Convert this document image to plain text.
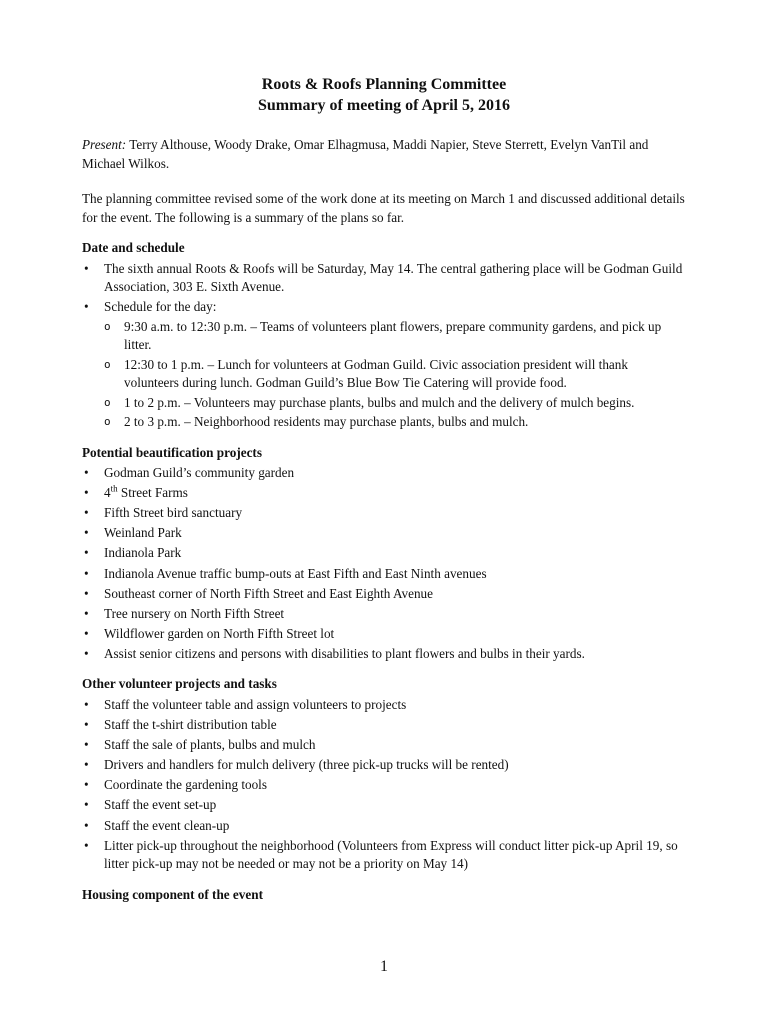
Roots & Roofs Planning Committee

Summary of meeting of April 5, 2016

Present: Terry Althouse, Woody Drake, Omar Elhagmusa, Maddi Napier, Steve Sterrett, Evelyn VanTil and Michael Wilkos.
The planning committee revised some of the work done at its meeting on March 1 and discussed additional details for the event. The following is a summary of the plans so far.
Date and schedule
• The sixth annual Roots & Roofs will be Saturday, May 14. The central gathering place will be Godman Guild Association, 303 E. Sixth Avenue.
• Schedule for the day:
o 9:30 a.m. to 12:30 p.m. – Teams of volunteers plant flowers, prepare community gardens, and pick up litter.
o 12:30 to 1 p.m. – Lunch for volunteers at Godman Guild. Civic association president will thank volunteers during lunch. Godman Guild’s Blue Bow Tie Catering will provide food.
o 1 to 2 p.m. – Volunteers may purchase plants, bulbs and mulch and the delivery of mulch begins.
o 2 to 3 p.m. – Neighborhood residents may purchase plants, bulbs and mulch.
Potential beautification projects
• Godman Guild’s community garden
• 4th Street Farms
• Fifth Street bird sanctuary
• Weinland Park
• Indianola Park
• Indianola Avenue traffic bump-outs at East Fifth and East Ninth avenues
• Southeast corner of North Fifth Street and East Eighth Avenue
• Tree nursery on North Fifth Street
• Wildflower garden on North Fifth Street lot
• Assist senior citizens and persons with disabilities to plant flowers and bulbs in their yards.
Other volunteer projects and tasks
• Staff the volunteer table and assign volunteers to projects
• Staff the t-shirt distribution table
• Staff the sale of plants, bulbs and mulch
• Drivers and handlers for mulch delivery (three pick-up trucks will be rented)
• Coordinate the gardening tools
• Staff the event set-up
• Staff the event clean-up
• Litter pick-up throughout the neighborhood (Volunteers from Express will conduct litter pick-up April 19, so litter pick-up may not be needed or may not be a priority on May 14)
Housing component of the event
1
